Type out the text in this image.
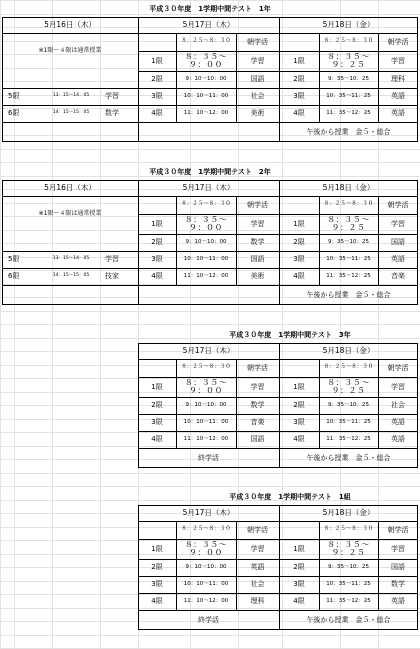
平成３０年度　1学期中間テスト　1年
5月16日（木）	5月17日（木）	5月18日（金）
※1限〜４限は通常授業
5限	13：15〜14：05	学習
6限	14：15〜15：05	数学
８：２５〜８：３０	朝学活
1限	８：３５〜
９：００	学習
2限	9：10〜10：00	国語
3限	10：10〜11：00	社会
4限	11：10〜12：00	美術
８：２５〜８：３０	朝学活
1限	８：３５〜
９：２５	学習
2限	9：35〜10：25	理科
3限	10：35〜11：25	英語
4限	11：35〜12：25	英語
午後から授業　金５・総合
平成３０年度　1学期中間テスト　2年
5月16日（木）	5月17日（木）	5月18日（金）
※1限〜４限は通常授業
5限	13：15〜14：05	学習
6限	14：15〜15：05	技家
８：２５〜８：３０	朝学活
1限	８：３５〜
９：００	学習
2限	9：10〜10：00	数学
3限	10：10〜11：00	国語
4限	11：10〜12：00	美術
８：２５〜８：３０	朝学活
1限	８：３５〜
９：２５	学習
2限	9：35〜10：25	国語
3限	10：35〜11：25	英語
4限	11：35〜12：25	音楽
午後から授業　金５・総合
平成３０年度　1学期中間テスト　3年
5月17日（木）	5月18日（金）
８：２５〜８：３０	朝学活
1限	８：３５〜
９：００	学習
2限	9：10〜10：00	数学
3限	10：10〜11：00	音楽
4限	11：10〜12：00	国語
８：２５〜８：３０	朝学活
1限	８：３５〜
９：２５	学習
2限	9：35〜10：25	社会
3限	10：35〜11：25	英語
4限	11：35〜12：25	英語
終学活	午後から授業　金５・総合
平成３０年度　1学期中間テスト　1組
5月17日（木）	5月18日（金）
８：２５〜８：３０	朝学活
1限	８：３５〜
９：００	学習
2限	9：10〜10：00	英語
3限	10：10〜11：00	社会
4限	11：10〜12：00	理科
８：２５〜８：３０	朝学活
1限	８：３５〜
９：２５	学習
2限	9：35〜10：25	国語
3限	10：35〜11：25	数学
4限	11：35〜12：25	英語
終学活	午後から授業　金５・総合
